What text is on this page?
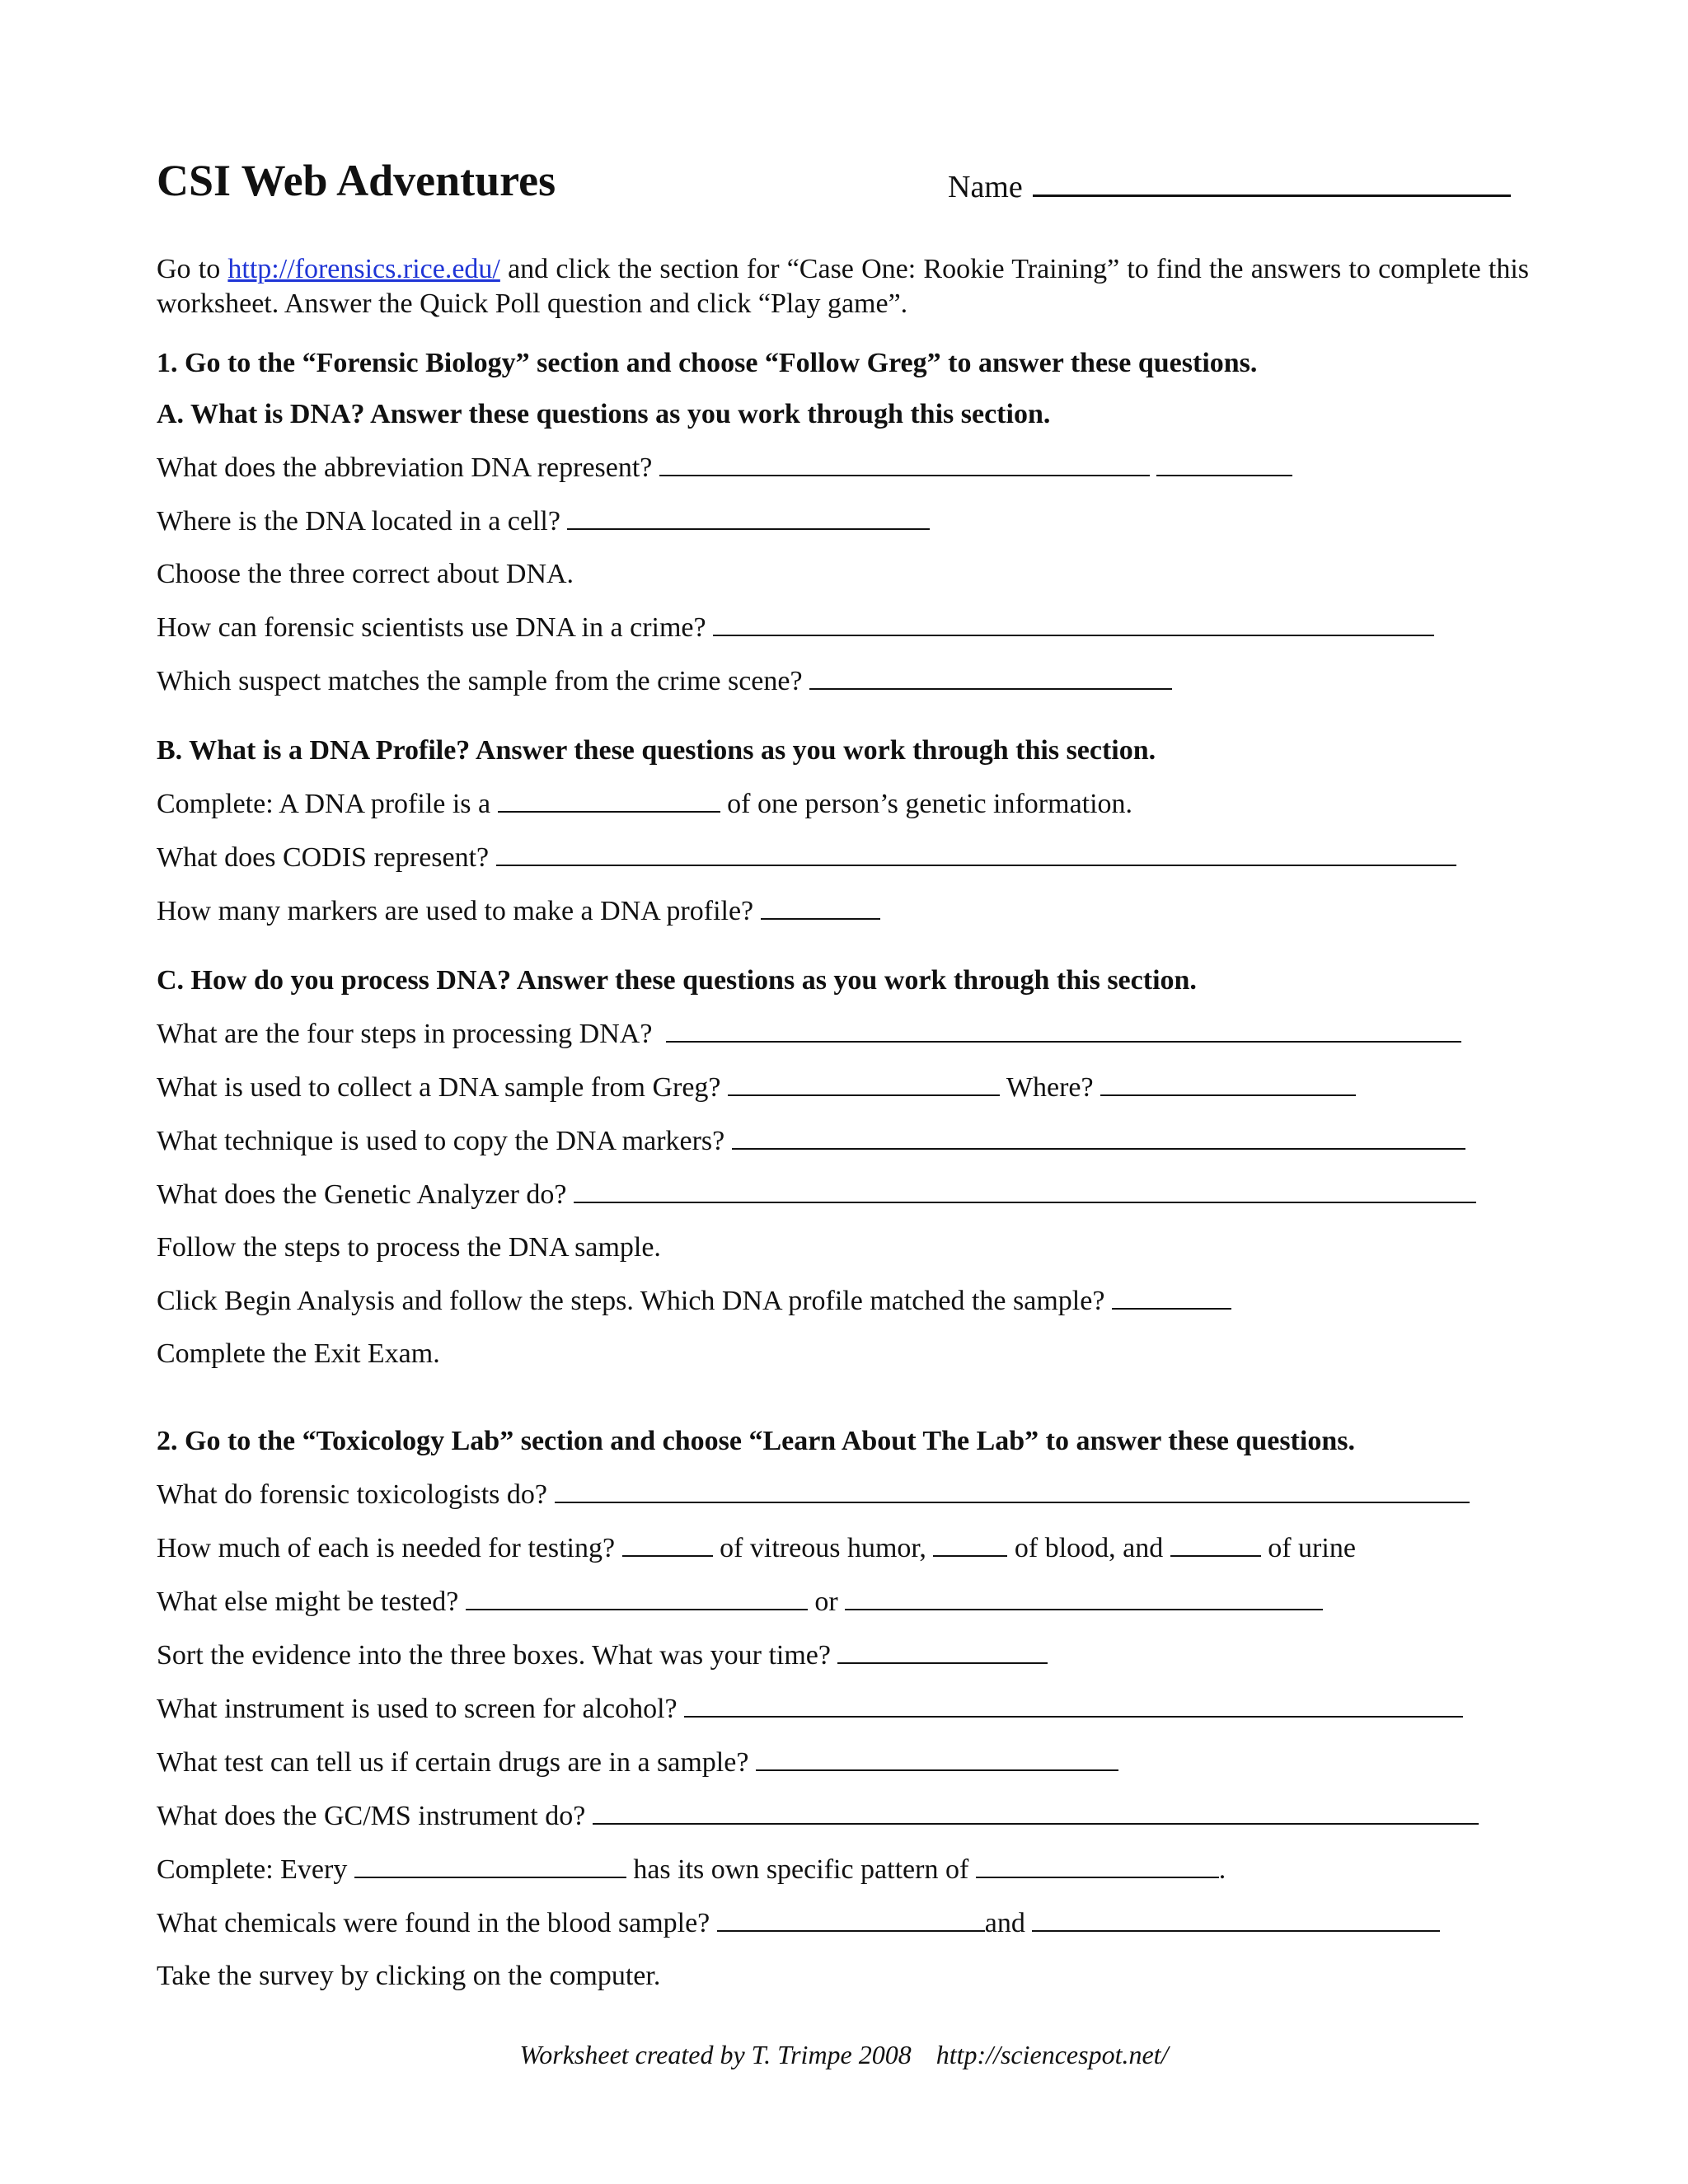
CSI Web Adventures	Name

Go to http://forensics.rice.edu/ and click the section for “Case One: Rookie Training” to find the answers to complete this worksheet. Answer the Quick Poll question and click “Play game”.

1. Go to the “Forensic Biology” section and choose “Follow Greg” to answer these questions.

A. What is DNA? Answer these questions as you work through this section.

What does the abbreviation DNA represent?

Where is the DNA located in a cell?

Choose the three correct about DNA.

How can forensic scientists use DNA in a crime?

Which suspect matches the sample from the crime scene?

B. What is a DNA Profile? Answer these questions as you work through this section.

Complete: A DNA profile is a	of one person’s genetic information.

What does CODIS represent?

How many markers are used to make a DNA profile?

C. How do you process DNA? Answer these questions as you work through this section.

What are the four steps in processing DNA?

What is used to collect a DNA sample from Greg?	Where?

What technique is used to copy the DNA markers?

What does the Genetic Analyzer do?

Follow the steps to process the DNA sample.

Click Begin Analysis and follow the steps. Which DNA profile matched the sample?

Complete the Exit Exam.

2. Go to the “Toxicology Lab” section and choose “Learn About The Lab” to answer these questions.

What do forensic toxicologists do?

How much of each is needed for testing?	of vitreous humor,	of blood, and	of urine

What else might be tested?	or

Sort the evidence into the three boxes. What was your time?

What instrument is used to screen for alcohol?

What test can tell us if certain drugs are in a sample?

What does the GC/MS instrument do?

Complete: Every	has its own specific pattern of	.

What chemicals were found in the blood sample?	and

Take the survey by clicking on the computer.

Worksheet created by T. Trimpe 2008 http://sciencespot.net/
